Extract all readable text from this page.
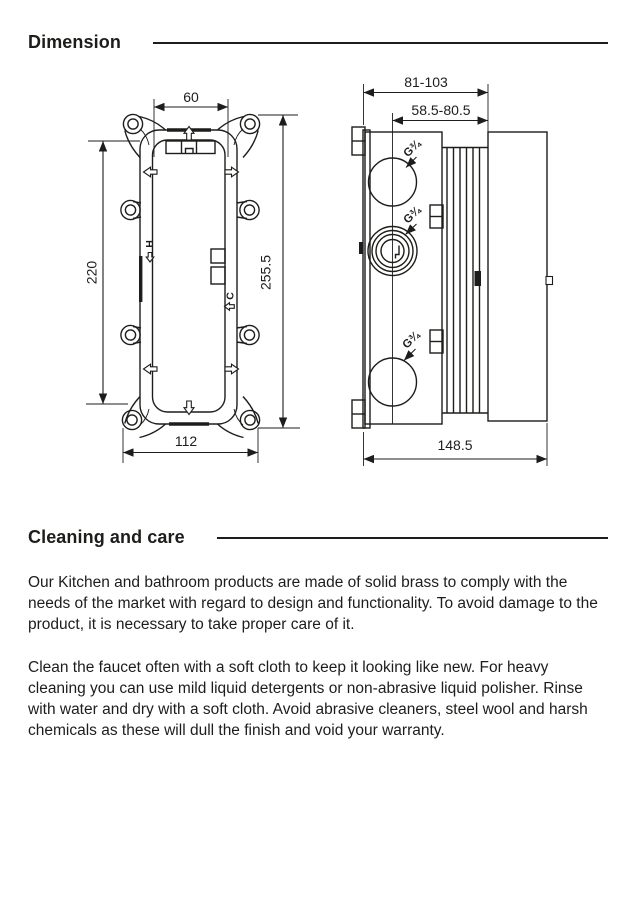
Dimension
H
C
60
220	255.5
112
G¾
G¾
G¾
81-103
58.5-80.5
148.5
Cleaning and care

Our Kitchen and bathroom products are made of solid brass to comply with the needs of the market with regard to design and functionality. To avoid damage to the product, it is necessary to take proper care of it.

Clean the faucet often with a soft cloth to keep it looking like new. For heavy cleaning you can use mild liquid detergents or non-abrasive liquid polisher. Rinse with water and dry with a soft cloth. Avoid abrasive cleaners, steel wool and harsh chemicals as these will dull the finish and void your warranty.
